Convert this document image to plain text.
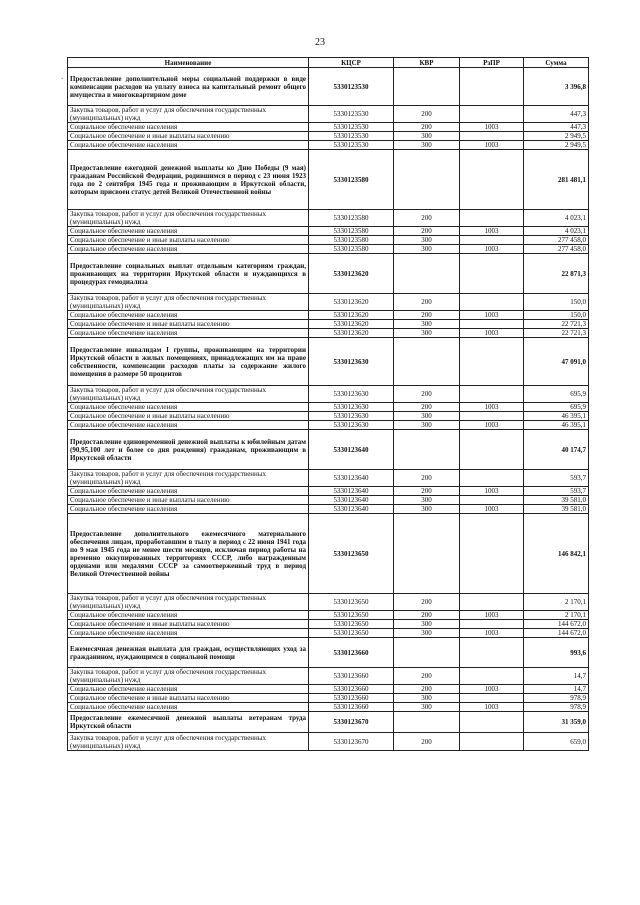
23
·
Наименование	КЦСР	КВР	РзПР	Сумма
Предоставление дополнительной меры социальной поддержки в виде компенсации расходов на уплату взноса на капитальный ремонт общего имущества в многоквартирном доме	5330123530			3 396,8
Закупка товаров, работ и услуг для обеспечения государственных (муниципальных) нужд	5330123530	200		447,3
Социальное обеспечение населения	5330123530	200	1003	447,3
Социальное обеспечение и иные выплаты населению	5330123530	300		2 949,5
Социальное обеспечение населения	5330123530	300	1003	2 949,5
Предоставление ежегодной денежной выплаты ко Дню Победы (9 мая) гражданам Российской Федерации, родившимся в период с 23 июня 1923 года по 2 сентября 1945 года и проживающим в Иркутской области, которым присвоен статус детей Великой Отечественной войны	5330123580			281 481,1
Закупка товаров, работ и услуг для обеспечения государственных (муниципальных) нужд	5330123580	200		4 023,1
Социальное обеспечение населения	5330123580	200	1003	4 023,1
Социальное обеспечение и иные выплаты населению	5330123580	300		277 458,0
Социальное обеспечение населения	5330123580	300	1003	277 458,0
Предоставление социальных выплат отдельным категориям граждан, проживающих на территории Иркутской области и нуждающихся в процедурах гемодиализа	5330123620			22 871,3
Закупка товаров, работ и услуг для обеспечения государственных (муниципальных) нужд	5330123620	200		150,0
Социальное обеспечение населения	5330123620	200	1003	150,0
Социальное обеспечение и иные выплаты населению	5330123620	300		22 721,3
Социальное обеспечение населения	5330123620	300	1003	22 721,3
Предоставление инвалидам I группы, проживающим на территории Иркутской области в жилых помещениях, принадлежащих им на праве собственности, компенсации расходов платы за содержание жилого помещения в размере 50 процентов	5330123630			47 091,0
Закупка товаров, работ и услуг для обеспечения государственных (муниципальных) нужд	5330123630	200		695,9
Социальное обеспечение населения	5330123630	200	1003	695,9
Социальное обеспечение и иные выплаты населению	5330123630	300		46 395,1
Социальное обеспечение населения	5330123630	300	1003	46 395,1
Предоставление единовременной денежной выплаты к юбилейным датам (90,95,100 лет и более со дня рождения) гражданам, проживающим в Иркутской области	5330123640			40 174,7
Закупка товаров, работ и услуг для обеспечения государственных (муниципальных) нужд	5330123640	200		593,7
Социальное обеспечение населения	5330123640	200	1003	593,7
Социальное обеспечение и иные выплаты населению	5330123640	300		39 581,0
Социальное обеспечение населения	5330123640	300	1003	39 581,0
Предоставление дополнительного ежемесячного материального обеспечения лицам, проработавшим в тылу в период с 22 июня 1941 года по 9 мая 1945 года не менее шести месяцев, исключая период работы на временно оккупированных территориях СССР, либо награжденным орденами или медалями СССР за самоотверженный труд в период Великой Отечественной войны	5330123650			146 842,1
Закупка товаров, работ и услуг для обеспечения государственных (муниципальных) нужд	5330123650	200		2 170,1
Социальное обеспечение населения	5330123650	200	1003	2 170,1
Социальное обеспечение и иные выплаты населению	5330123650	300		144 672,0
Социальное обеспечение населения	5330123650	300	1003	144 672,0
Ежемесячная денежная выплата для граждан, осуществляющих уход за гражданином, нуждающимся в социальной помощи	5330123660			993,6
Закупка товаров, работ и услуг для обеспечения государственных (муниципальных) нужд	5330123660	200		14,7
Социальное обеспечение населения	5330123660	200	1003	14,7
Социальное обеспечение и иные выплаты населению	5330123660	300		978,9
Социальное обеспечение населения	5330123660	300	1003	978,9
Предоставление ежемесячной денежной выплаты ветеранам труда Иркутской области	5330123670			31 359,0
Закупка товаров, работ и услуг для обеспечения государственных (муниципальных) нужд	5330123670	200		659,0
